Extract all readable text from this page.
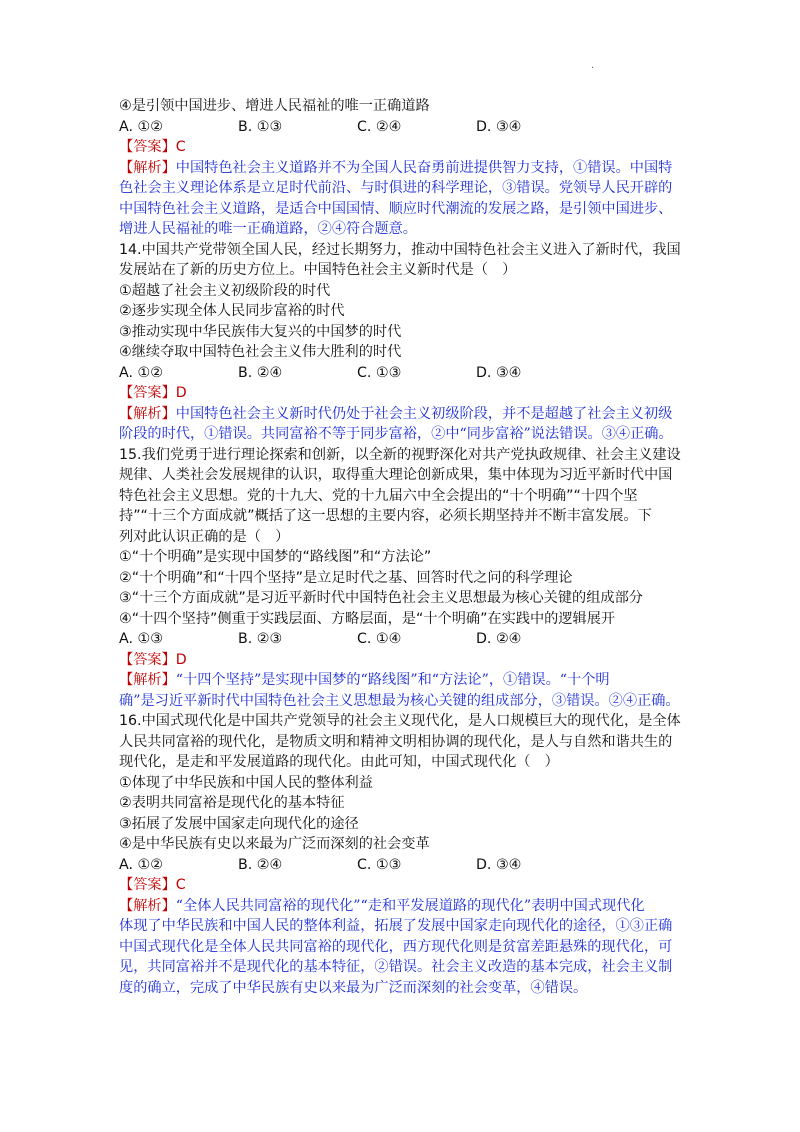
.
④是引领中国进步、增进人民福祉的唯一正确道路
A. ①②	B. ①③	C. ②④	D. ③④
【答案】C
【解析】中国特色社会主义道路并不为全国人民奋勇前进提供智力支持，①错误。中国特
色社会主义理论体系是立足时代前沿、与时俱进的科学理论，③错误。党领导人民开辟的
中国特色社会主义道路，是适合中国国情、顺应时代潮流的发展之路，是引领中国进步、
增进人民福祉的唯一正确道路，②④符合题意。
14.中国共产党带领全国人民，经过长期努力，推动中国特色社会主义进入了新时代，我国
发展站在了新的历史方位上。中国特色社会主义新时代是（　）
①超越了社会主义初级阶段的时代
②逐步实现全体人民同步富裕的时代
③推动实现中华民族伟大复兴的中国梦的时代
④继续夺取中国特色社会主义伟大胜利的时代
A. ①②	B. ②④	C. ①③	D. ③④
【答案】D
【解析】中国特色社会主义新时代仍处于社会主义初级阶段，并不是超越了社会主义初级
阶段的时代，①错误。共同富裕不等于同步富裕，②中“同步富裕”说法错误。③④正确。
15.我们党勇于进行理论探索和创新，以全新的视野深化对共产党执政规律、社会主义建设
规律、人类社会发展规律的认识，取得重大理论创新成果，集中体现为习近平新时代中国
特色社会主义思想。党的十九大、党的十九届六中全会提出的“十个明确”“十四个坚
持”“十三个方面成就”概括了这一思想的主要内容，必须长期坚持并不断丰富发展。下
列对此认识正确的是（　）
①“十个明确”是实现中国梦的“路线图”和“方法论”
②“十个明确”和“十四个坚持”是立足时代之基、回答时代之问的科学理论
③“十三个方面成就”是习近平新时代中国特色社会主义思想最为核心关键的组成部分
④“十四个坚持”侧重于实践层面、方略层面，是“十个明确”在实践中的逻辑展开
A. ①③	B. ②③	C. ①④	D. ②④
【答案】D
【解析】“十四个坚持”是实现中国梦的“路线图”和“方法论”，①错误。“十个明
确”是习近平新时代中国特色社会主义思想最为核心关键的组成部分，③错误。②④正确。
16.中国式现代化是中国共产党领导的社会主义现代化，是人口规模巨大的现代化，是全体
人民共同富裕的现代化，是物质文明和精神文明相协调的现代化，是人与自然和谐共生的
现代化，是走和平发展道路的现代化。由此可知，中国式现代化（　）
①体现了中华民族和中国人民的整体利益
②表明共同富裕是现代化的基本特征
③拓展了发展中国家走向现代化的途径
④是中华民族有史以来最为广泛而深刻的社会变革
A. ①②	B. ②④	C. ①③	D. ③④
【答案】C
【解析】“全体人民共同富裕的现代化”“走和平发展道路的现代化”表明中国式现代化
体现了中华民族和中国人民的整体利益，拓展了发展中国家走向现代化的途径，①③正确
中国式现代化是全体人民共同富裕的现代化，西方现代化则是贫富差距悬殊的现代化，可
见，共同富裕并不是现代化的基本特征，②错误。社会主义改造的基本完成，社会主义制
度的确立，完成了中华民族有史以来最为广泛而深刻的社会变革，④错误。
